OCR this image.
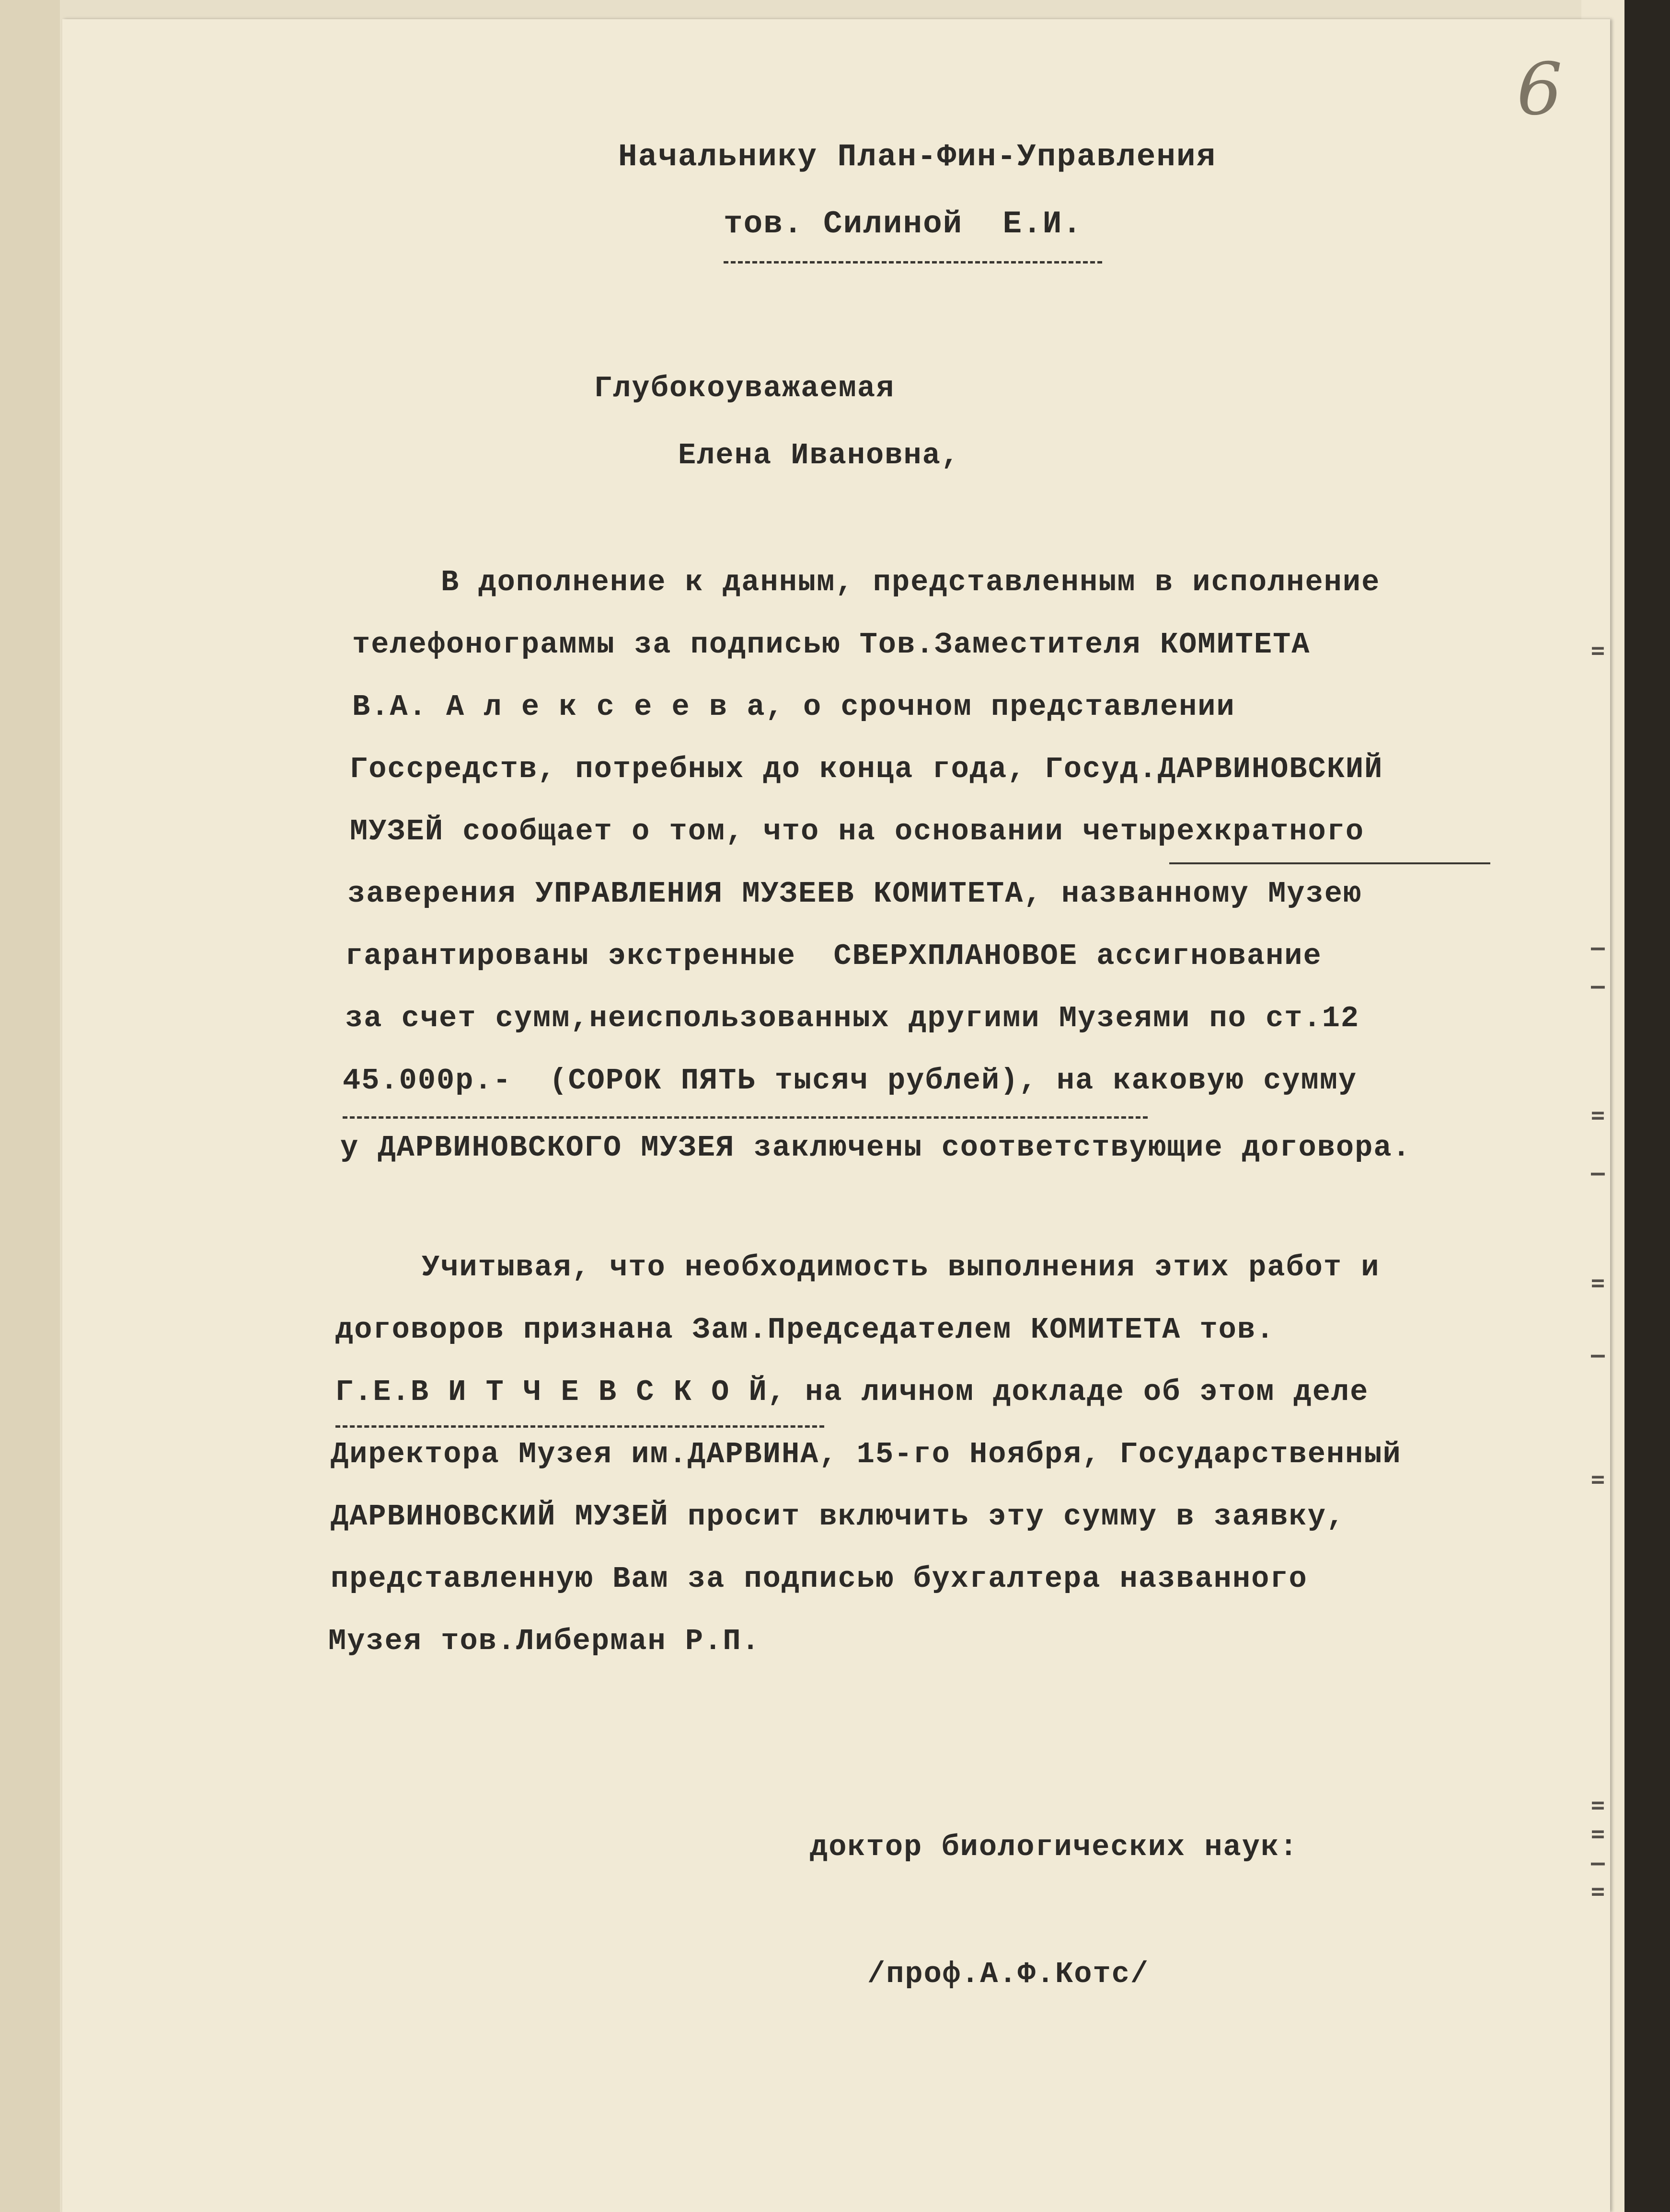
6
Начальнику План-Фин-Управления
тов. Силиной  Е.И.
Глубокоуважаемая
Елена Ивановна,
В дополнение к данным, представленным в исполнение
телефонограммы за подписью Тов.Заместителя КОМИТЕТА
В.А. А л е к с е е в а, о срочном представлении
Госсредств, потребных до конца года, Госуд.ДАРВИНОВСКИЙ
МУЗЕЙ сообщает о том, что на основании четырехкратного
заверения УПРАВЛЕНИЯ МУЗЕЕВ КОМИТЕТА, названному Музею
гарантированы экстренные  СВЕРХПЛАНОВОЕ ассигнование
за счет сумм,неиспользованных другими Музеями по ст.12
45.000р.-  (СОРОК ПЯТЬ тысяч рублей), на каковую сумму
у ДАРВИНОВСКОГО МУЗЕЯ заключены соответствующие договора.
Учитывая, что необходимость выполнения этих работ и
договоров признана Зам.Председателем КОМИТЕТА тов.
Г.Е.В И Т Ч Е В С К О Й, на личном докладе об этом деле
Директора Музея им.ДАРВИНА, 15-го Ноября, Государственный
ДАРВИНОВСКИЙ МУЗЕЙ просит включить эту сумму в заявку,
представленную Вам за подписью бухгалтера названного
Музея тов.Либерман Р.П.
доктор биологических наук:
/проф.А.Ф.Котс/
=
—
—
=
—
=
—
=
=
=
—
=
